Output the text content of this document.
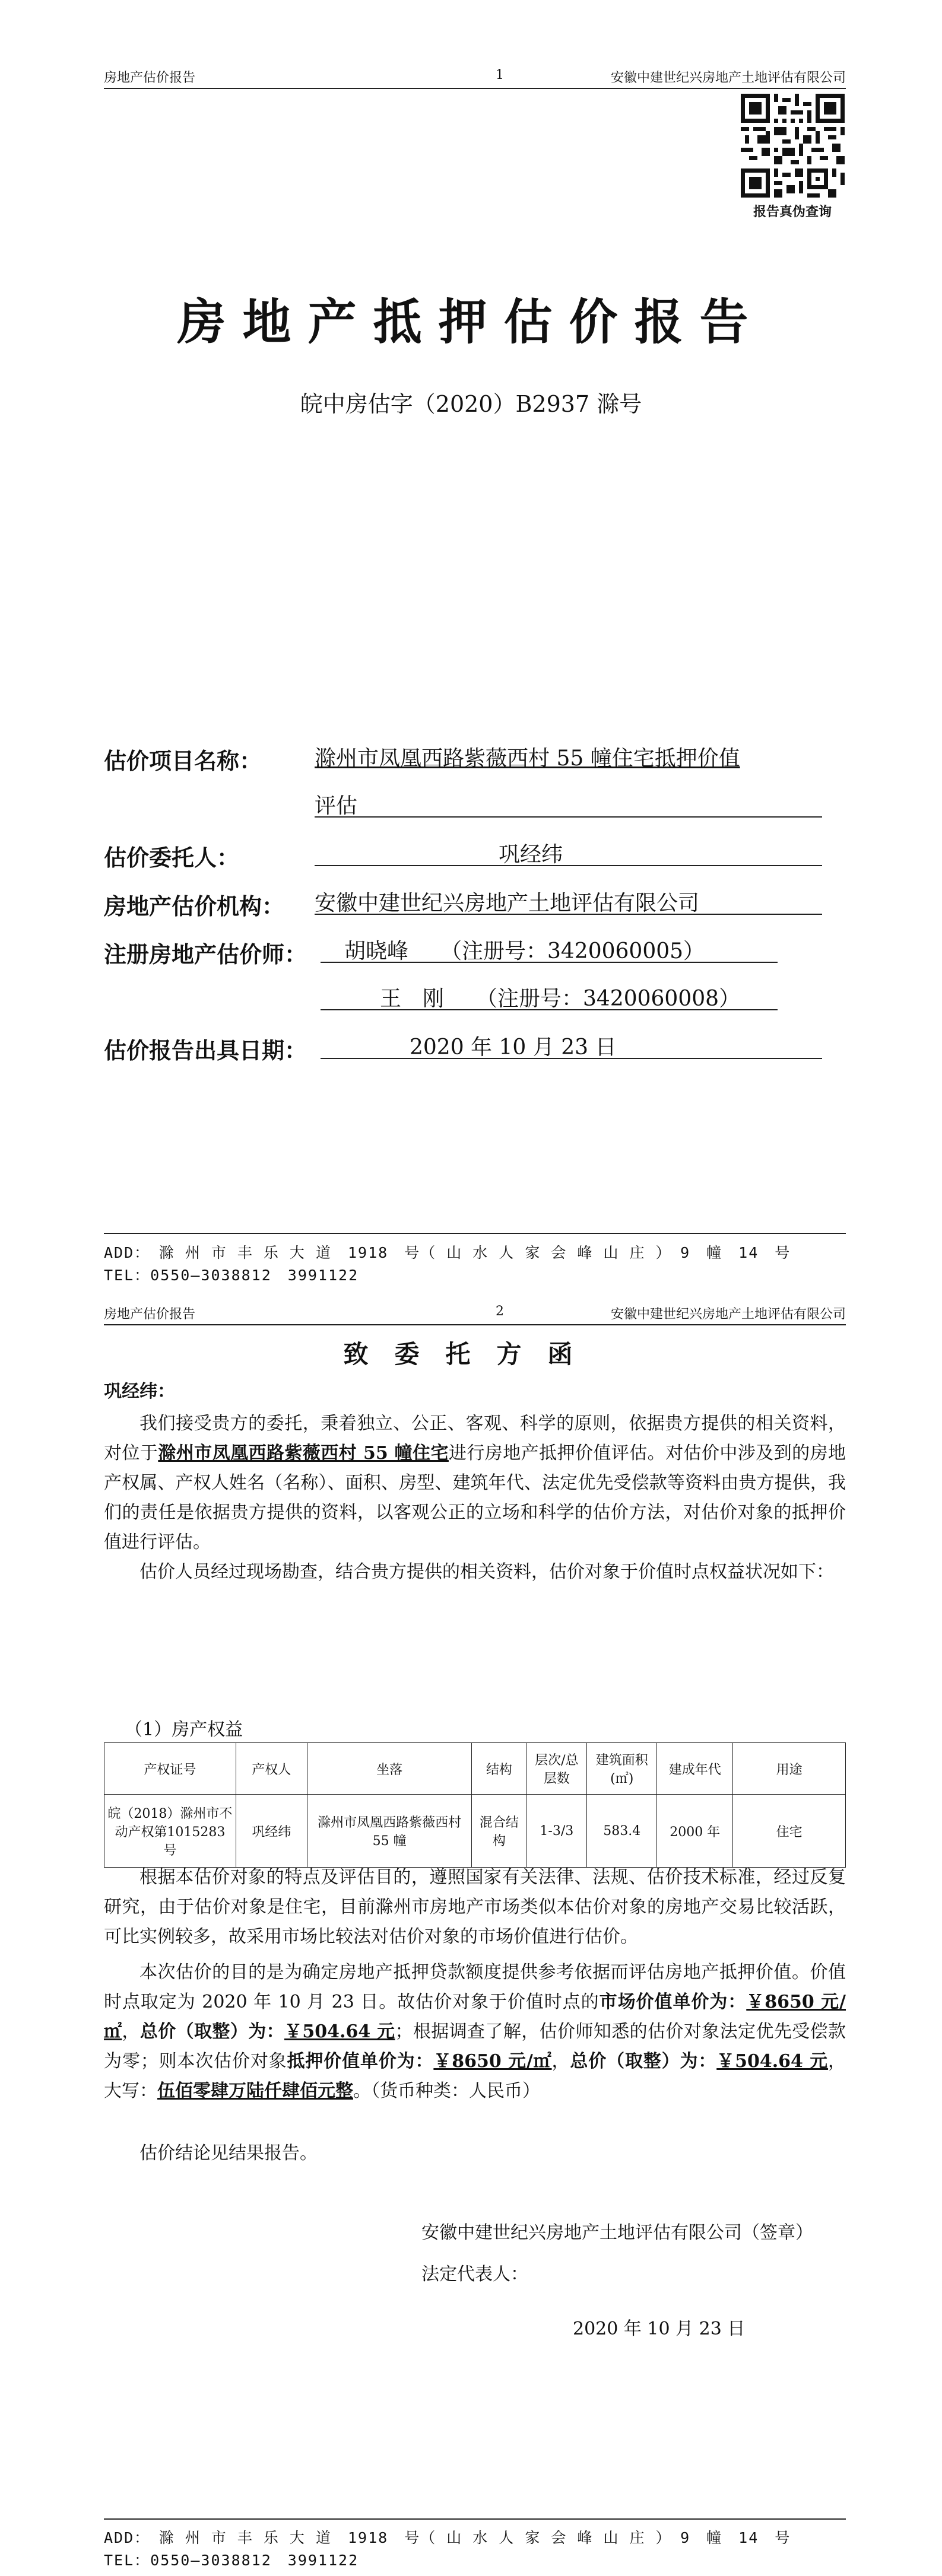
房地产估价报告	1	安徽中建世纪兴房地产土地评估有限公司
报告真伪查询
房地产抵押估价报告
皖中房估字（2020）B2937 滁号
估价项目名称： 滁州市凤凰西路紫薇西村 55 幢住宅抵押价值
评估
估价委托人：	巩经纬
房地产估价机构： 安徽中建世纪兴房地产土地评估有限公司
注册房地产估价师： 胡晓峰　　（注册号：3420060005）
王　刚　　（注册号：3420060008）
估价报告出具日期：	2020 年 10 月 23 日
ADD：　滁 州 市 丰 乐 大 道　1918　号（ 山 水 人 家 会 峰 山 庄 ）　9　幢　14　号
TEL：0550—3038812　3991122
房地产估价报告	2	安徽中建世纪兴房地产土地评估有限公司
致委托方函
巩经纬：

我们接受贵方的委托，秉着独立、公正、客观、科学的原则，依据贵方提供的相关资料，对位于滁州市凤凰西路紫薇西村 55 幢住宅进行房地产抵押价值评估。对估价中涉及到的房地产权属、产权人姓名（名称）、面积、房型、建筑年代、法定优先受偿款等资料由贵方提供，我们的责任是依据贵方提供的资料，以客观公正的立场和科学的估价方法，对估价对象的抵押价值进行评估。

估价人员经过现场勘查，结合贵方提供的相关资料，估价对象于价值时点权益状况如下：

（1）房产权益
产权证号	产权人	坐落	结构	层次/总层数	建筑面积(㎡)	建成年代	用途
皖（2018）滁州市不动产权第1015283 号	巩经纬	滁州市凤凰西路紫薇西村 55 幢	混合结构	1-3/3	583.4	2000 年	住宅

根据本估价对象的特点及评估目的，遵照国家有关法律、法规、估价技术标准，经过反复研究，由于估价对象是住宅，目前滁州市房地产市场类似本估价对象的房地产交易比较活跃，可比实例较多，故采用市场比较法对估价对象的市场价值进行估价。

本次估价的目的是为确定房地产抵押贷款额度提供参考依据而评估房地产抵押价值。价值时点取定为 2020 年 10 月 23 日。故估价对象于价值时点的市场价值单价为：￥8650 元/㎡，总价（取整）为：￥504.64 元；根据调查了解，估价师知悉的估价对象法定优先受偿款为零；则本次估价对象抵押价值单价为：￥8650 元/㎡，总价（取整）为：￥504.64 元，大写：伍佰零肆万陆仟肆佰元整。（货币种类：人民币）

估价结论见结果报告。

安徽中建世纪兴房地产土地评估有限公司（签章）
法定代表人：
2020 年 10 月 23 日
ADD：　滁 州 市 丰 乐 大 道　1918　号（ 山 水 人 家 会 峰 山 庄 ）　9　幢　14　号
TEL：0550—3038812　3991122
